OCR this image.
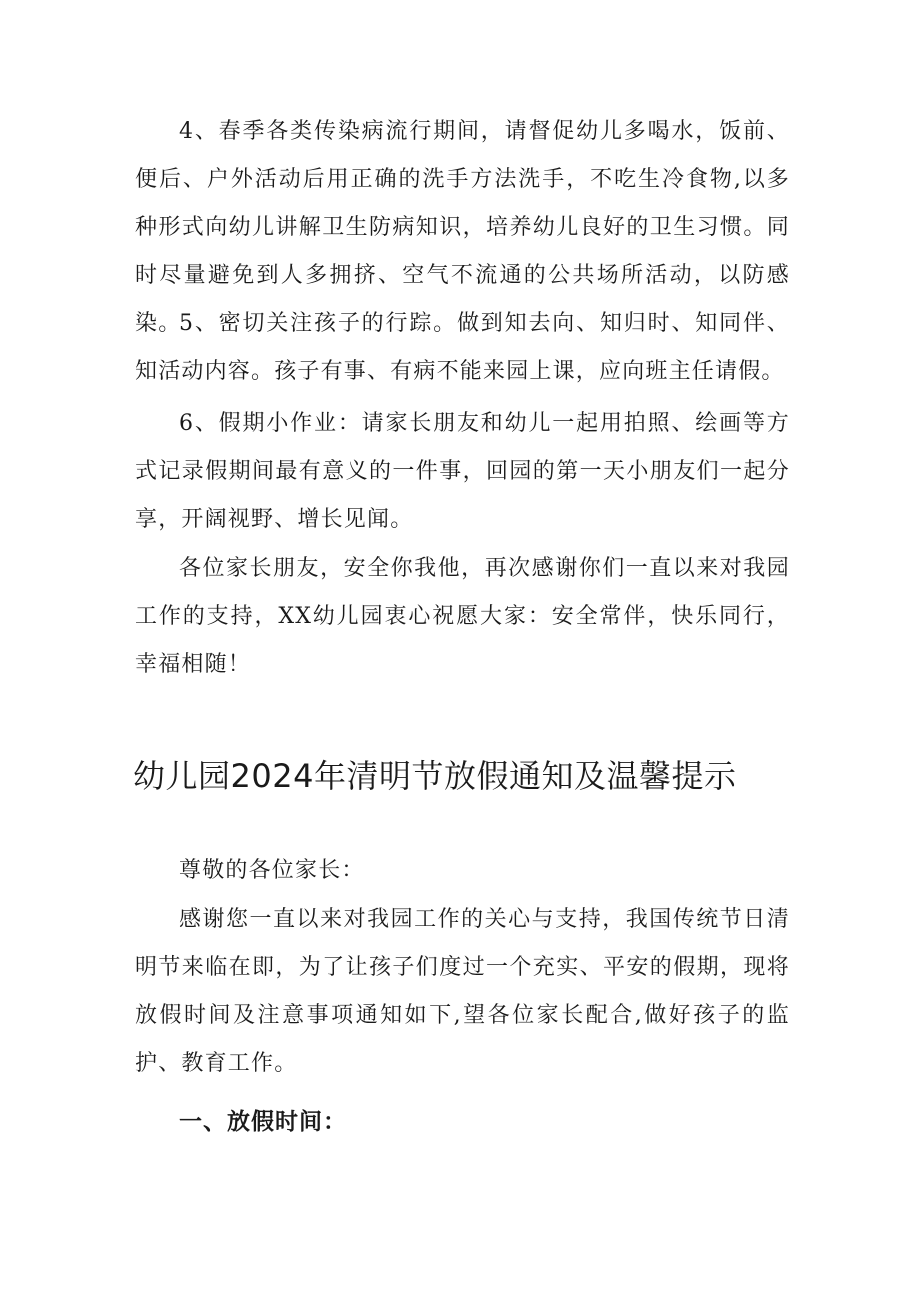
4、春季各类传染病流行期间，请督促幼儿多喝水，饭前、便后、户外活动后用正确的洗手方法洗手，不吃生冷食物,以多种形式向幼儿讲解卫生防病知识，培养幼儿良好的卫生习惯。同时尽量避免到人多拥挤、空气不流通的公共场所活动，以防感染。

5、密切关注孩子的行踪。做到知去向、知归时、知同伴、知活动内容。孩子有事、有病不能来园上课，应向班主任请假。

6、假期小作业：请家长朋友和幼儿一起用拍照、绘画等方式记录假期间最有意义的一件事，回园的第一天小朋友们一起分享，开阔视野、增长见闻。

各位家长朋友，安全你我他，再次感谢你们一直以来对我园工作的支持，XX幼儿园衷心祝愿大家：安全常伴，快乐同行，幸福相随！

幼儿园2024年清明节放假通知及温馨提示

尊敬的各位家长：

感谢您一直以来对我园工作的关心与支持，我国传统节日清明节来临在即，为了让孩子们度过一个充实、平安的假期，现将放假时间及注意事项通知如下,望各位家长配合,做好孩子的监护、教育工作。

一、放假时间：
